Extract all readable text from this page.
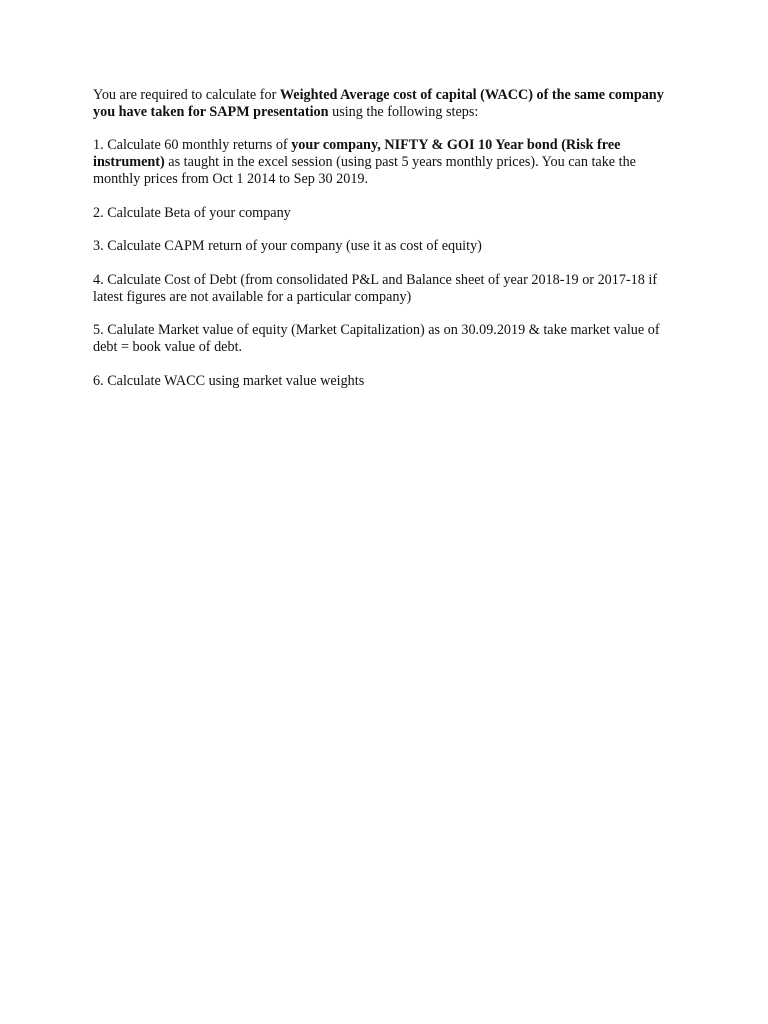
You are required to calculate for Weighted Average cost of capital (WACC) of the same company you have taken for SAPM presentation using the following steps:

1. Calculate 60 monthly returns of your company, NIFTY & GOI 10 Year bond (Risk free instrument) as taught in the excel session (using past 5 years monthly prices). You can take the monthly prices from Oct 1 2014 to Sep 30 2019.

2. Calculate Beta of your company

3. Calculate CAPM return of your company (use it as cost of equity)

4. Calculate Cost of Debt (from consolidated P&L and Balance sheet of year 2018-19 or 2017-18 if latest figures are not available for a particular company)

5. Calulate Market value of equity (Market Capitalization) as on 30.09.2019 & take market value of debt = book value of debt.

6. Calculate WACC using market value weights
